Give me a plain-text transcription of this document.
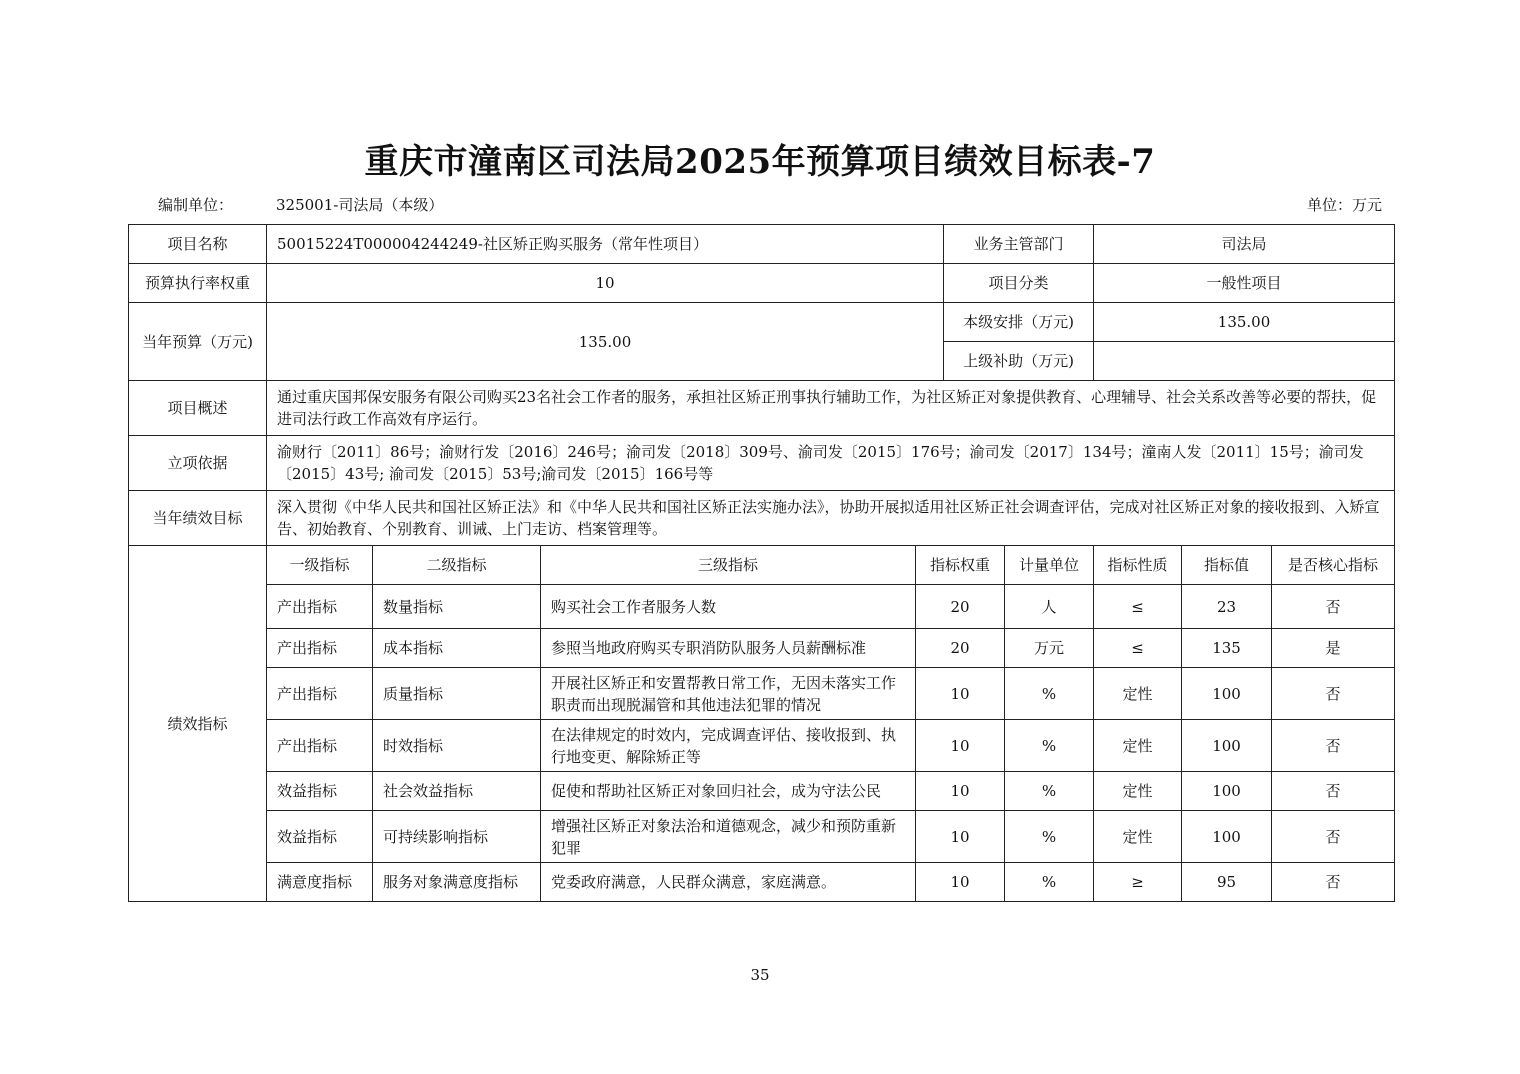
重庆市潼南区司法局2025年预算项目绩效目标表-7
编制单位：	325001-司法局（本级）	单位：万元
项目名称	50015224T000004244249-社区矫正购买服务（常年性项目）				业务主管部门		司法局		
预算执行率权重	10				项目分类		一般性项目		
当年预算（万元)	135.00				本级安排（万元)		135.00		
					上级补助（万元)				
项目概述	通过重庆国邦保安服务有限公司购买23名社会工作者的服务，承担社区矫正刑事执行辅助工作，为社区矫正对象提供教育、心理辅导、社会关系改善等必要的帮扶，促进司法行政工作高效有序运行。								
立项依据	渝财行〔2011〕86号；渝财行发〔2016〕246号；渝司发〔2018〕309号、渝司发〔2015〕176号；渝司发〔2017〕134号；潼南人发〔2011〕15号；渝司发〔2015〕43号; 渝司发〔2015〕53号;渝司发〔2015〕166号等								
当年绩效目标	深入贯彻《中华人民共和国社区矫正法》和《中华人民共和国社区矫正法实施办法》，协助开展拟适用社区矫正社会调查评估，完成对社区矫正对象的接收报到、入矫宣告、初始教育、个别教育、训诫、上门走访、档案管理等。								
绩效指标	一级指标	二级指标	三级指标	指标权重		计量单位	指标性质	指标值	是否核心指标
	产出指标	数量指标	购买社会工作者服务人数	20		人	≤	23	否
	产出指标	成本指标	参照当地政府购买专职消防队服务人员薪酬标准	20		万元	≤	135	是
	产出指标	质量指标	开展社区矫正和安置帮教日常工作，无因未落实工作职责而出现脱漏管和其他违法犯罪的情况	10		%	定性	100	否
	产出指标	时效指标	在法律规定的时效内，完成调查评估、接收报到、执行地变更、解除矫正等	10		%	定性	100	否
	效益指标	社会效益指标	促使和帮助社区矫正对象回归社会，成为守法公民	10		%	定性	100	否
	效益指标	可持续影响指标	增强社区矫正对象法治和道德观念，减少和预防重新犯罪	10		%	定性	100	否
	满意度指标	服务对象满意度指标	党委政府满意，人民群众满意，家庭满意。	10		%	≥	95	否
35
